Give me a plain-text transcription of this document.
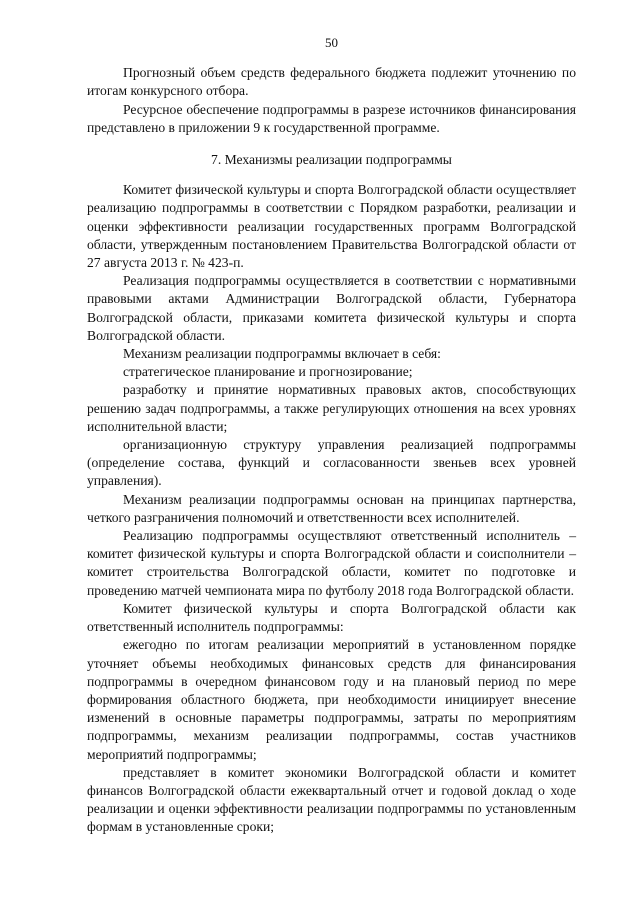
50

Прогнозный объем средств федерального бюджета подлежит уточнению по итогам конкурсного отбора.

Ресурсное обеспечение подпрограммы в разрезе источников финансирования представлено в приложении 9 к государственной программе.

7. Механизмы реализации подпрограммы

Комитет физической культуры и спорта Волгоградской области осуществляет реализацию подпрограммы в соответствии с Порядком разработки, реализации и оценки эффективности реализации государственных программ Волгоградской области, утвержденным постановлением Правительства Волгоградской области от 27 августа 2013 г. № 423-п.

Реализация подпрограммы осуществляется в соответствии с нормативными правовыми актами Администрации Волгоградской области, Губернатора Волгоградской области, приказами комитета физической культуры и спорта Волгоградской области.

Механизм реализации подпрограммы включает в себя:

стратегическое планирование и прогнозирование;

разработку и принятие нормативных правовых актов, способствующих решению задач подпрограммы, а также регулирующих отношения на всех уровнях исполнительной власти;

организационную структуру управления реализацией подпрограммы (определение состава, функций и согласованности звеньев всех уровней управления).

Механизм реализации подпрограммы основан на принципах партнерства, четкого разграничения полномочий и ответственности всех исполнителей.

Реализацию подпрограммы осуществляют ответственный исполнитель – комитет физической культуры и спорта Волгоградской области и соисполнители – комитет строительства Волгоградской области, комитет по подготовке и проведению матчей чемпионата мира по футболу 2018 года Волгоградской области.

Комитет физической культуры и спорта Волгоградской области как ответственный исполнитель подпрограммы:

ежегодно по итогам реализации мероприятий в установленном порядке уточняет объемы необходимых финансовых средств для финансирования подпрограммы в очередном финансовом году и на плановый период по мере формирования областного бюджета, при необходимости инициирует внесение изменений в основные параметры подпрограммы, затраты по мероприятиям подпрограммы, механизм реализации подпрограммы, состав участников мероприятий подпрограммы;

представляет в комитет экономики Волгоградской области и комитет финансов Волгоградской области ежеквартальный отчет и годовой доклад о ходе реализации и оценки эффективности реализации подпрограммы по установленным формам в установленные сроки;
